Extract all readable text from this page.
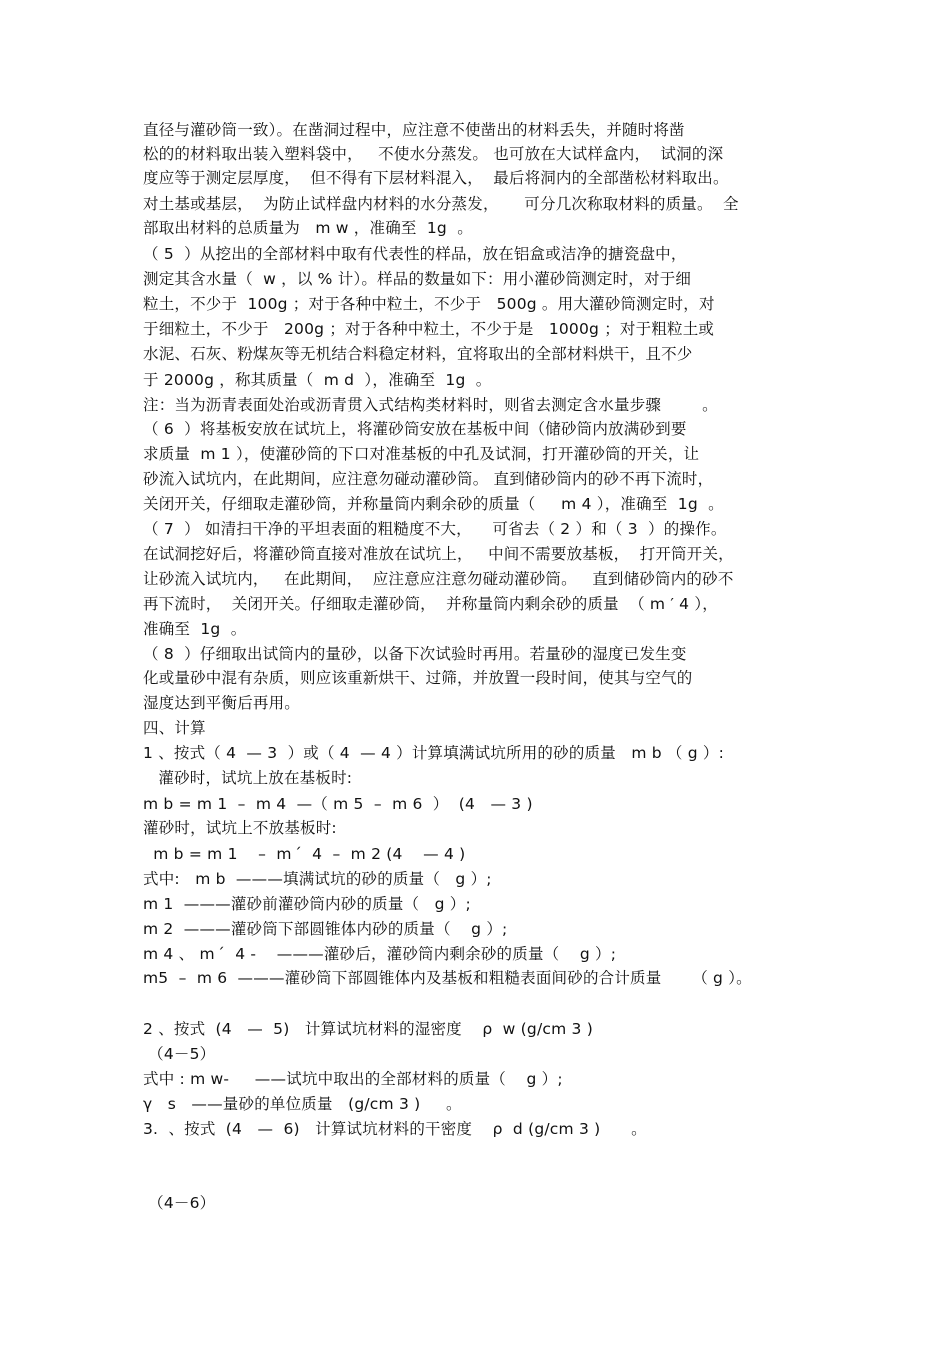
直径与灌砂筒一致）。在凿洞过程中，应注意不使凿出的材料丢失，并随时将凿
松的的材料取出装入塑料袋中，   不使水分蒸发。 也可放在大试样盒内，  试洞的深
度应等于测定层厚度，  但不得有下层材料混入，  最后将洞内的全部凿松材料取出。
对土基或基层，  为防止试样盘内材料的水分蒸发，     可分几次称取材料的质量。  全
部取出材料的总质量为   m w ，准确至  1g  。
（ 5  ）从挖出的全部材料中取有代表性的样品，放在铝盒或洁净的搪瓷盘中，
测定其含水量（  w ，以 % 计）。样品的数量如下：用小灌砂筒测定时，对于细
粒土，不少于  100g ；对于各种中粒土，不少于   500g 。用大灌砂筒测定时，对
于细粒土，不少于   200g ；对于各种中粒土，不少于是   1000g ；对于粗粒土或
水泥、石灰、粉煤灰等无机结合料稳定材料，宜将取出的全部材料烘干，且不少
于 2000g ，称其质量（  m d  ），准确至  1g  。
注：当为沥青表面处治或沥青贯入式结构类材料时，则省去测定含水量步骤        。
（ 6  ）将基板安放在试坑上，将灌砂筒安放在基板中间（储砂筒内放满砂到要
求质量  m 1 ），使灌砂筒的下口对准基板的中孔及试洞，打开灌砂筒的开关，让
砂流入试坑内，在此期间，应注意勿碰动灌砂筒。 直到储砂筒内的砂不再下流时，
关闭开关，仔细取走灌砂筒，并称量筒内剩余砂的质量（     m 4 ），准确至  1g  。
（ 7  ） 如清扫干净的平坦表面的粗糙度不大，    可省去（ 2 ）和（ 3  ）的操作。
在试洞挖好后，将灌砂筒直接对准放在试坑上，   中间不需要放基板，  打开筒开关，
让砂流入试坑内，   在此期间，  应注意应注意勿碰动灌砂筒。   直到储砂筒内的砂不
再下流时，  关闭开关。仔细取走灌砂筒，  并称量筒内剩余砂的质量  （ m ′ 4 ），
准确至  1g  。
（ 8  ）仔细取出试筒内的量砂，以备下次试验时再用。若量砂的湿度已发生变
化或量砂中混有杂质，则应该重新烘干、过筛，并放置一段时间，使其与空气的
湿度达到平衡后再用。
四、计算
1 、按式（ 4  — 3  ）或（ 4  — 4 ）计算填满试坑所用的砂的质量   m b （ g ）:
灌砂时，试坑上放在基板时:
m b = m 1  –  m 4  —（ m 5  –  m 6  ）  (4   — 3 )
灌砂时，试坑上不放基板时:
m b = m 1    –  m  ́  4  –  m 2 (4    — 4 )
式中:   m b  ———填满试坑的砂的质量（   g ）;
m 1  ———灌砂前灌砂筒内砂的质量（   g ）;
m 2  ———灌砂筒下部圆锥体内砂的质量（    g ）;
m 4 、 m  ́  4 -    ———灌砂后，灌砂筒内剩余砂的质量（    g ）;
m5  –  m 6  ———灌砂筒下部圆锥体内及基板和粗糙表面间砂的合计质量      （ g ）。
2 、按式  (4   —  5)   计算试坑材料的湿密度    ρ  w (g/cm 3 )
（4－5）
式中 : m w-     ——试坑中取出的全部材料的质量（    g ）;
γ   s   ——量砂的单位质量   (g/cm 3 )     。
3.  、按式  (4   —  6)   计算试坑材料的干密度    ρ  d (g/cm 3 )      。
（4－6）
